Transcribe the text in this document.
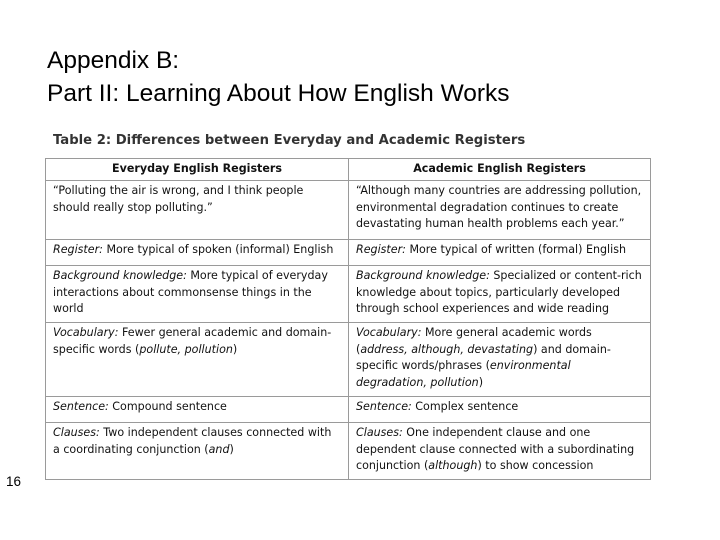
Appendix B:
Part II: Learning About How English Works
Table 2: Differences between Everyday and Academic Registers
Everyday English Registers	Academic English Registers
“Polluting the air is wrong, and I think people should really stop polluting.”	“Although many countries are addressing pollution, environmental degradation continues to create devastating human health problems each year.”
Register: More typical of spoken (informal) English	Register: More typical of written (formal) English
Background knowledge: More typical of everyday interactions about commonsense things in the world	Background knowledge: Specialized or content-rich knowledge about topics, particularly developed through school experiences and wide reading
Vocabulary: Fewer general academic and domain-specific words (pollute, pollution)	Vocabulary: More general academic words (address, although, devastating) and domain-specific words/phrases (environmental degradation, pollution)
Sentence: Compound sentence	Sentence: Complex sentence
Clauses: Two independent clauses connected with a coordinating conjunction (and)	Clauses: One independent clause and one dependent clause connected with a subordinating conjunction (although) to show concession
16
